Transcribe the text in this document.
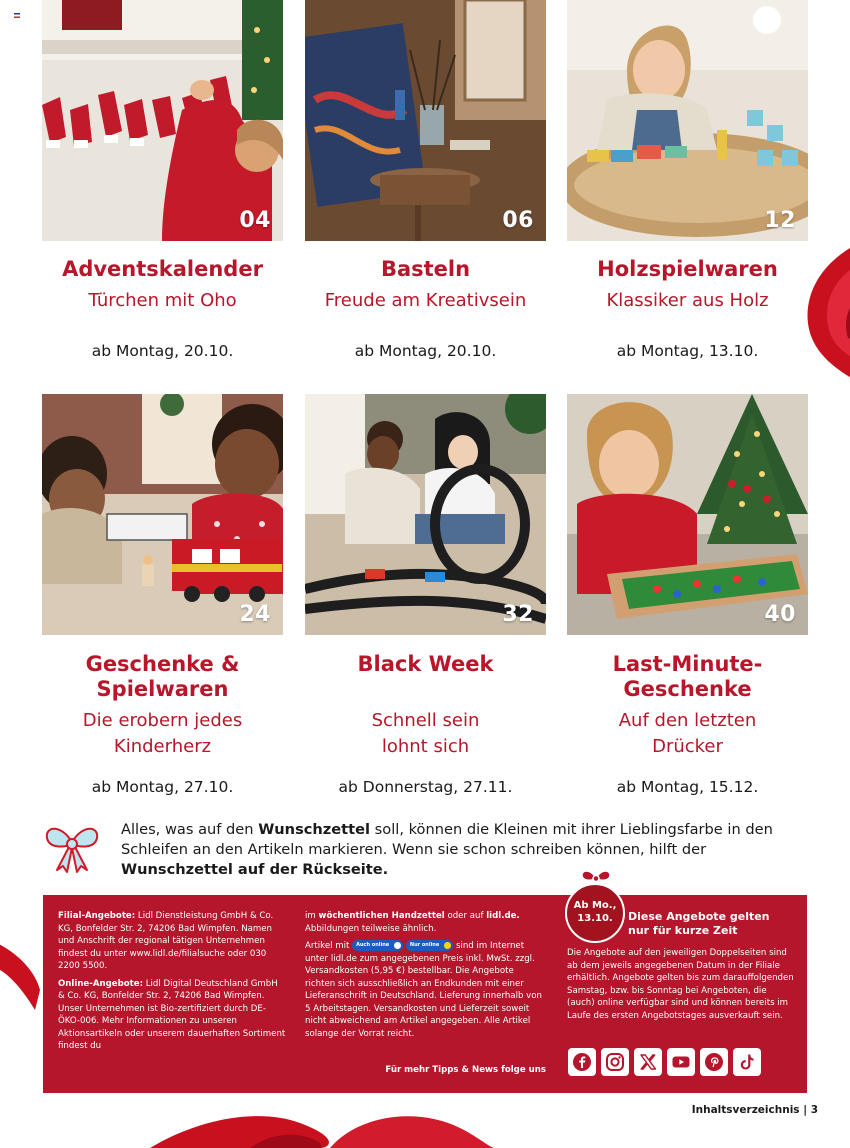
04
Adventskalender
Türchen mit Oho
ab Montag, 20.10.
06
Basteln
Freude am Kreativsein
ab Montag, 20.10.
12
Holzspielwaren
Klassiker aus Holz
ab Montag, 13.10.
24
Geschenke &
Spielwaren
Die erobern jedes
Kinderherz
ab Montag, 27.10.
32
Black Week
Schnell sein
lohnt sich
ab Donnerstag, 27.11.
40
Last-Minute-
Geschenke
Auf den letzten
Drücker
ab Montag, 15.12.
Alles, was auf den Wunschzettel soll, können die Kleinen mit ihrer Lieblingsfarbe in den Schleifen an den Artikeln markieren. Wenn sie schon schreiben können, hilft der Wunschzettel auf der Rückseite.

Filial-Angebote: Lidl Dienstleistung GmbH & Co. KG, Bonfelder Str. 2, 74206 Bad Wimpfen. Namen und Anschrift der regional tätigen Unternehmen findest du unter www.lidl.de/filialsuche oder 030 2200 5500.

Online-Angebote: Lidl Digital Deutschland GmbH & Co. KG, Bonfelder Str. 2, 74206 Bad Wimpfen. Unser Unternehmen ist Bio-zertifiziert durch DE-ÖKO-006. Mehr Informationen zu unseren Aktionsartikeln oder unserem dauerhaften Sortiment findest du

im wöchentlichen Handzettel oder auf lidl.de. Abbildungen teilweise ähnlich.

Artikel mit Auch online	Nur online
sind im Internet unter lidl.de zum angegebenen Preis inkl. MwSt. zzgl. Versandkosten (5,95 €) bestellbar. Die Angebote richten sich ausschließlich an Endkunden mit einer Lieferanschrift in Deutschland. Lieferung innerhalb von 5 Arbeitstagen. Versandkosten und Lieferzeit soweit nicht abweichend am Artikel angegeben. Alle Artikel solange der Vorrat reicht.

Die Angebote auf den jeweiligen Doppelseiten sind ab dem jeweils angegebenen Datum in der Filiale erhältlich. Angebote gelten bis zum darauffolgenden Samstag, bzw. bis Sonntag bei Angeboten, die (auch) online verfügbar sind und können bereits im Laufe des ersten Angebotstages ausverkauft sein.

Für mehr Tipps & News folge uns
Ab Mo.,
13.10.	Diese Angebote gelten
nur für kurze Zeit
Inhaltsverzeichnis | 3
